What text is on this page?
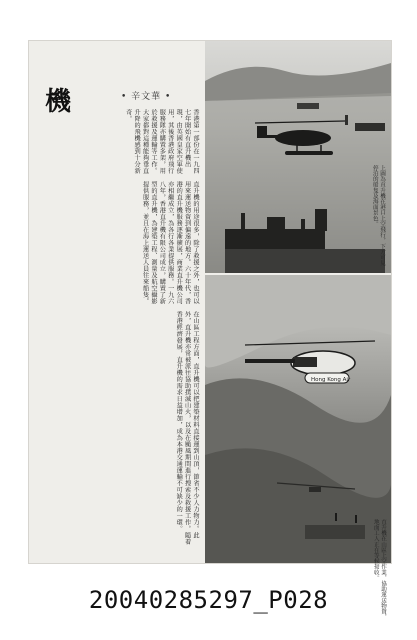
機	• 辛文華 •
香港第一部份在一九四七年開始有直升機出現，由英國皇家空軍使用，其後香港政府飛行服務隊亦購置多架，用於救援及運輸等工作。大家都對這種能夠垂直升降的飛機感到十分新奇。
直升機的用途很多，除了救援之外，也可以用來運送物資到偏遠的地方。六十年代，香港的直升機服務逐漸擴展，商業直升機公司亦相繼成立，為各行各業提供服務。一九六八年，香港直升機有限公司成立，購置了新型的直升機，為建築工程、測量及航空攝影提供服務，並且在海上運送人員往來船隻。
在山區工程方面，直升機可以把建築材料直接運到山頂，節省不少人力物力。此外，直升機亦常被派往協助撲滅山火，以及在颱風期間進行搜索及救援工作。隨着香港經濟發展，直升機的需求日益增加，成為本港交通運輸不可缺少的一環。
上圖為直升機在港口上空飛行，下方可見停泊的船隻及海面景色。
Hong Kong Air
直升機在山區上空作業，協助運送物資，地面工人正在等候接收。
20040285297_P028
